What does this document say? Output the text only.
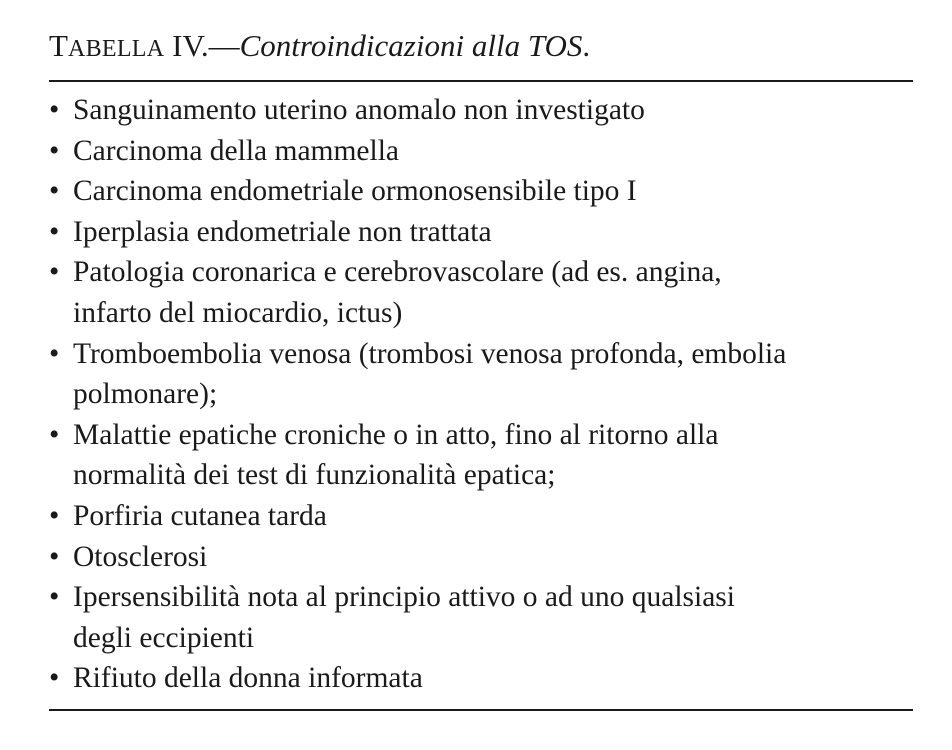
TABELLA IV.—Controindicazioni alla TOS.
• Sanguinamento uterino anomalo non investigato
• Carcinoma della mammella
• Carcinoma endometriale ormonosensibile tipo I
• Iperplasia endometriale non trattata
• Patologia coronarica e cerebrovascolare (ad es. angina,
infarto del miocardio, ictus)
• Tromboembolia venosa (trombosi venosa profonda, embolia
polmonare);
• Malattie epatiche croniche o in atto, fino al ritorno alla
normalità dei test di funzionalità epatica;
• Porfiria cutanea tarda
• Otosclerosi
• Ipersensibilità nota al principio attivo o ad uno qualsiasi
degli eccipienti
• Rifiuto della donna informata
